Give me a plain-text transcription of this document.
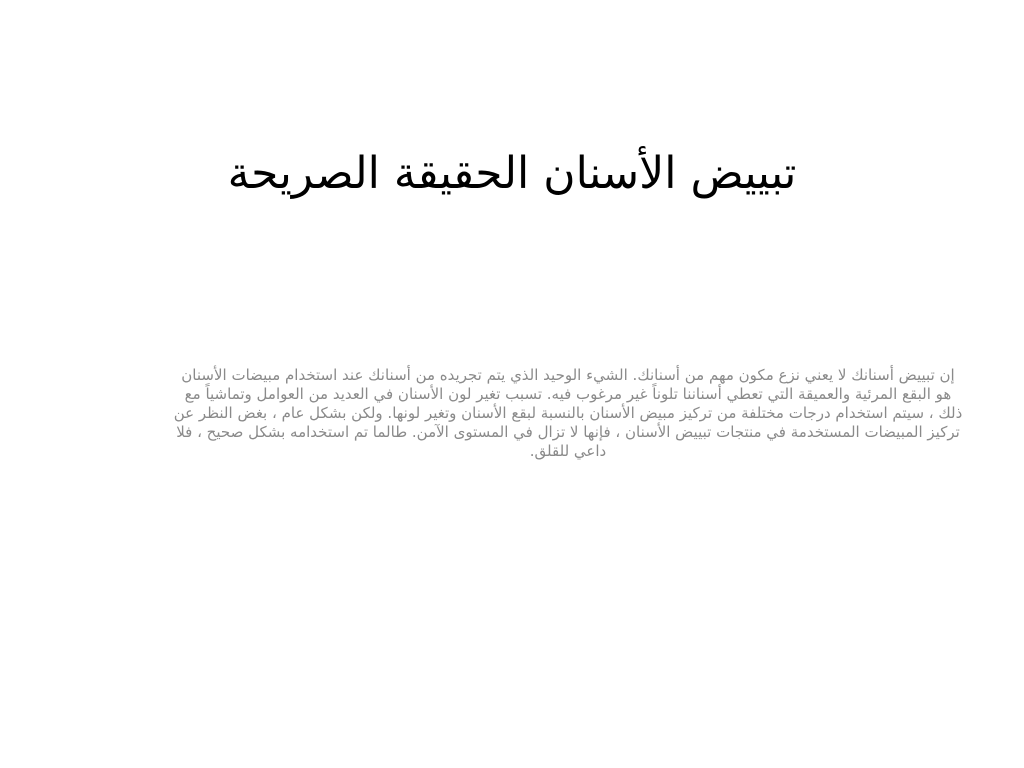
تبييض الأسنان الحقيقة الصريحة

إن تبييض أسنانك لا يعني نزع مكون مهم من أسنانك. الشيء الوحيد الذي يتم تجريده من أسنانك عند استخدام مبيضات الأسنان هو البقع المرئية والعميقة التي تعطي أسناننا تلوناً غير مرغوب فيه. تسبب تغير لون الأسنان في العديد من العوامل وتماشياً مع ذلك ، سيتم استخدام درجات مختلفة من تركيز مبيض الأسنان بالنسبة لبقع الأسنان وتغير لونها. ولكن بشكل عام ، بغض النظر عن تركيز المبيضات المستخدمة في منتجات تبييض الأسنان ، فإنها لا تزال في المستوى الآمن. طالما تم استخدامه بشكل صحيح ، فلا داعي للقلق.
